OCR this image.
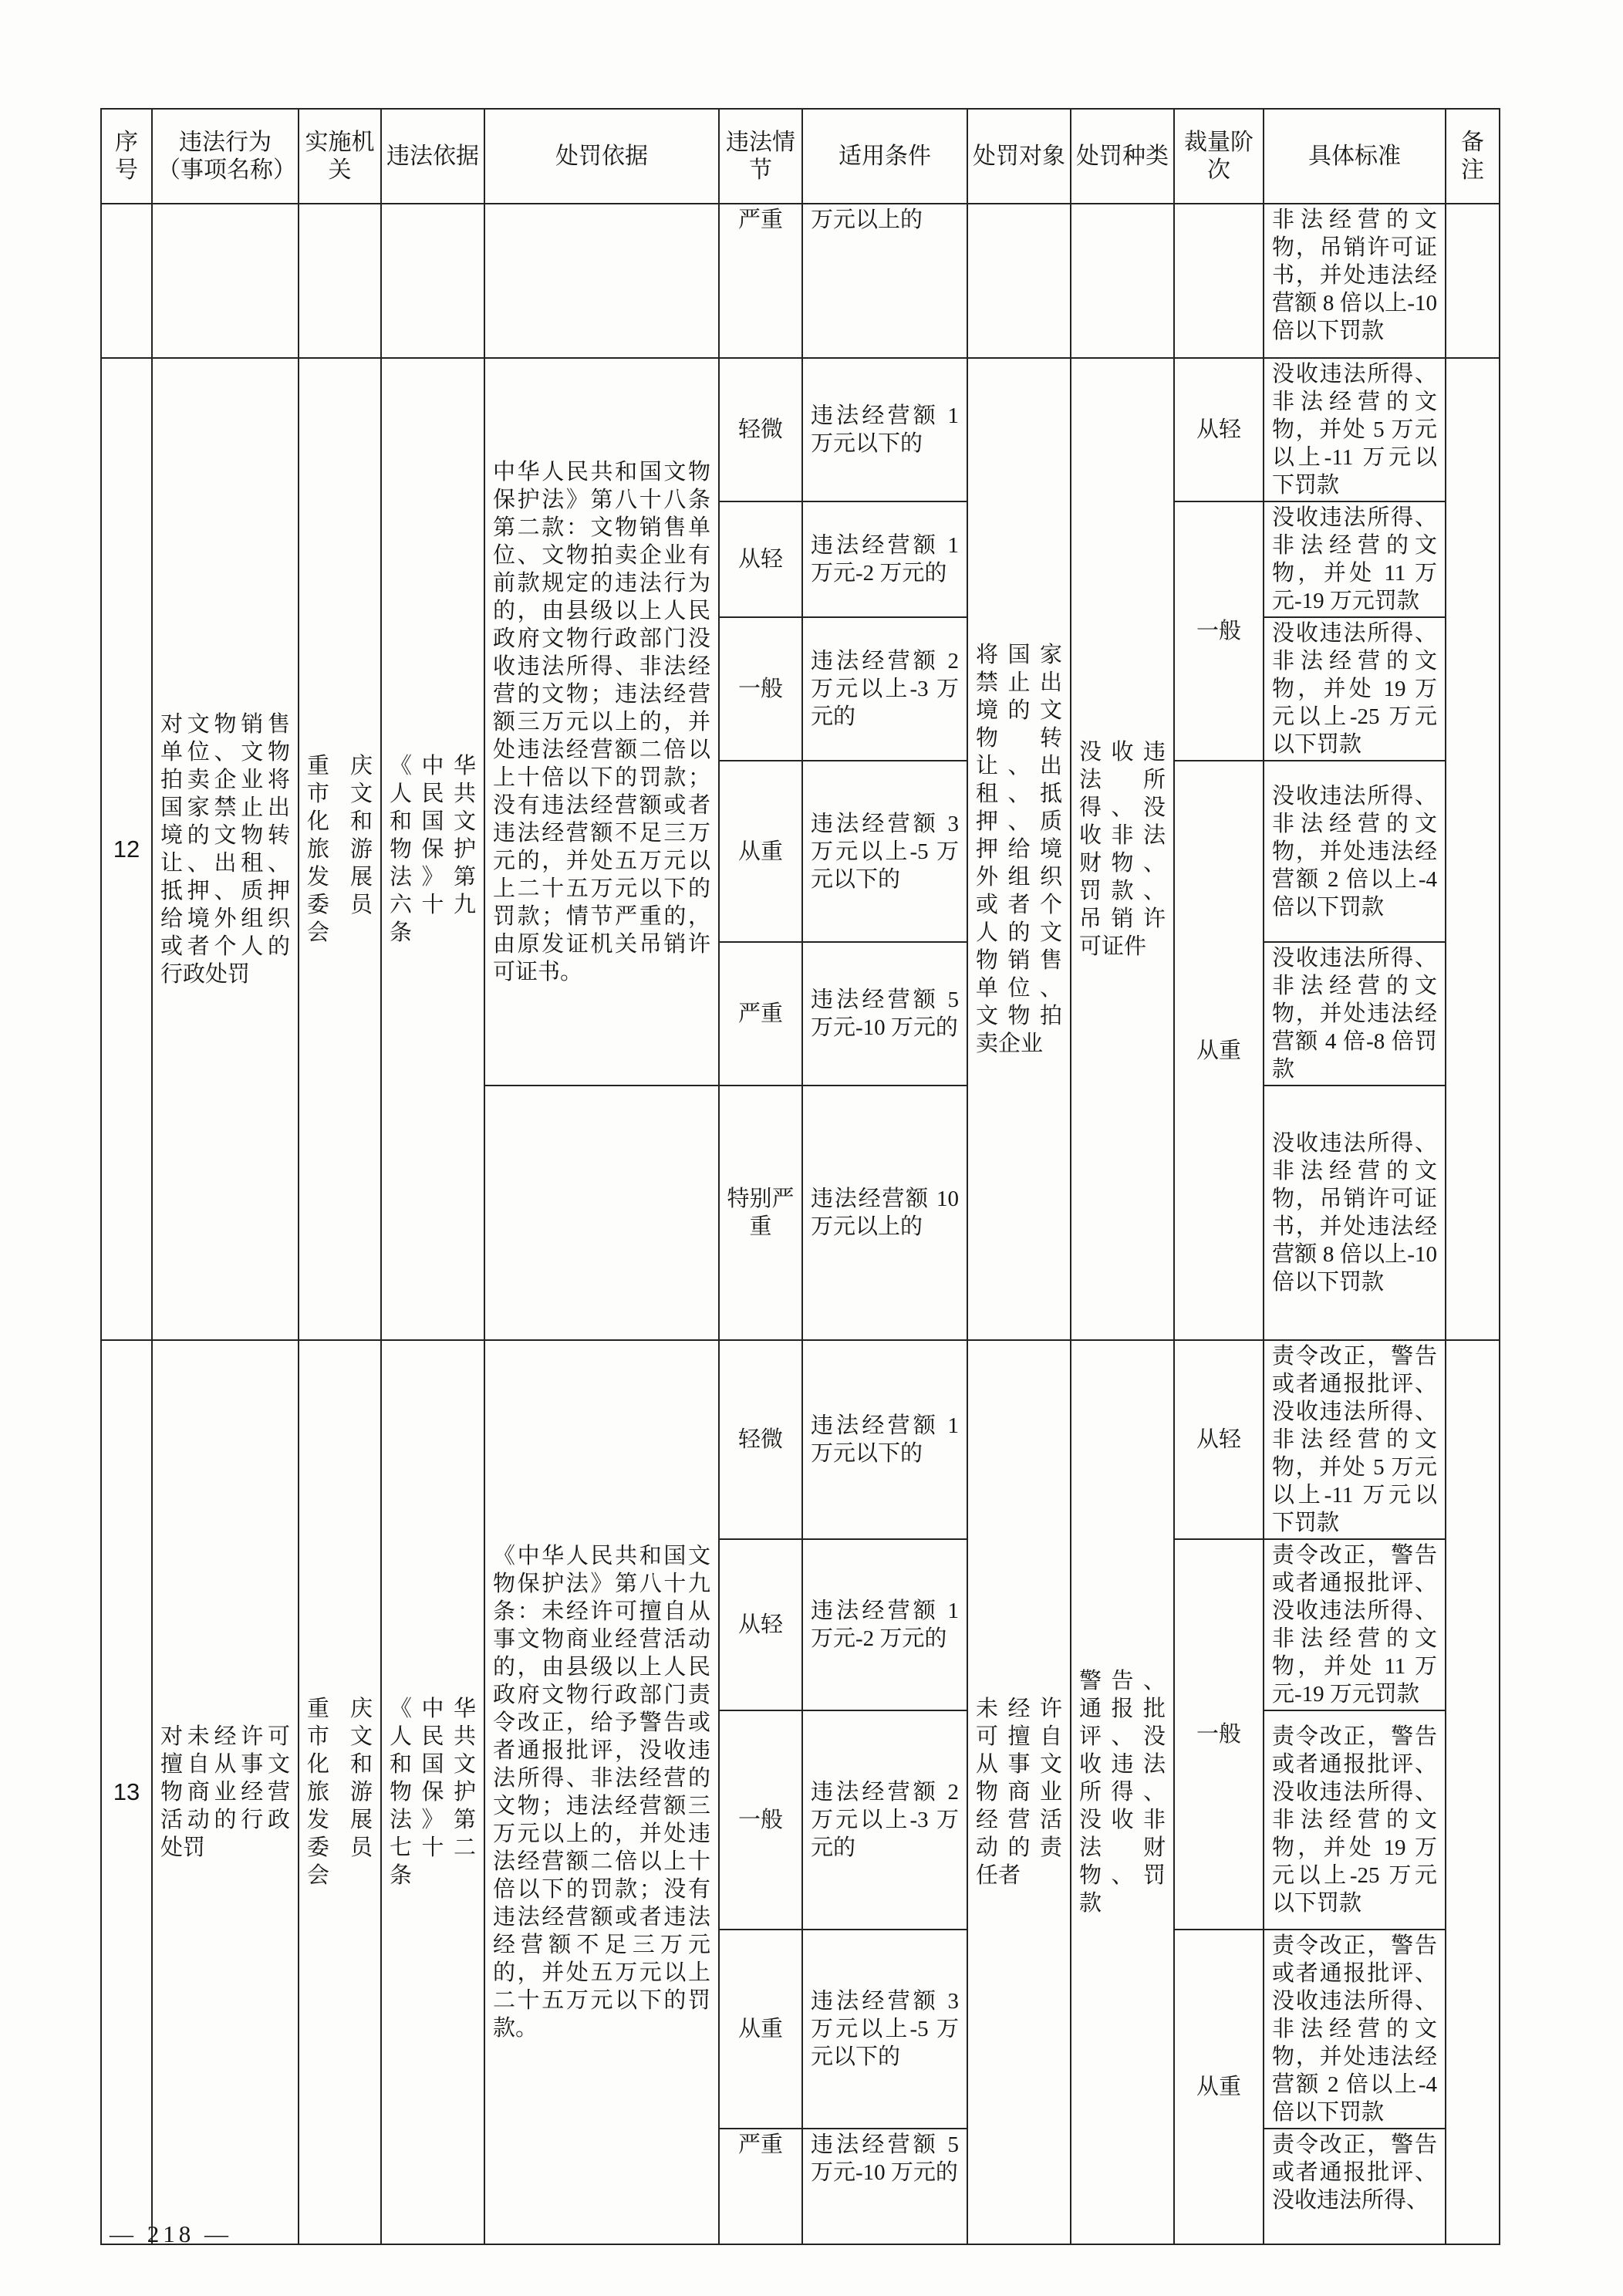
序号	违法行为（事项名称）	实施机关	违法依据	处罚依据	违法情节	适用条件	处罚对象	处罚种类	裁量阶次	具体标准	备注
					严重	万元以上的				非法经营的文物，吊销许可证书，并处违法经营额 8 倍以上-10 倍以下罚款	

12	对文物销售单位、文物拍卖企业将国家禁止出境的文物转让、出租、抵押、质押给境外组织或者个人的行政处罚	重庆市文化和旅游发展委员会	《中华人民共和国文物保护法》第六十九条	中华人民共和国文物保护法》第八十八条第二款：文物销售单位、文物拍卖企业有前款规定的违法行为的，由县级以上人民政府文物行政部门没收违法所得、非法经营的文物；违法经营额三万元以上的，并处违法经营额二倍以上十倍以下的罚款；没有违法经营额或者违法经营额不足三万元的，并处五万元以上二十五万元以下的罚款；情节严重的，由原发证机关吊销许可证书。	轻微	违法经营额 1 万元以下的	将国家禁止出境的文物转让、出租、抵押、质押给境外组织或者个人的文物销售单位、文物拍卖企业	没收违法所得、没收非法财物、罚款、吊销许可证件	从轻	没收违法所得、非法经营的文物，并处 5 万元以上-11 万元以下罚款	
					从轻	违法经营额 1 万元-2 万元的			一般	没收违法所得、非法经营的文物，并处 11 万元-19 万元罚款	
					一般	违法经营额 2 万元以上-3 万元的				没收违法所得、非法经营的文物，并处 19 万元以上-25 万元以下罚款	
					从重	违法经营额 3 万元以上-5 万元以下的			从重	没收违法所得、非法经营的文物，并处违法经营额 2 倍以上-4 倍以下罚款	
					严重	违法经营额 5 万元-10 万元的				没收违法所得、非法经营的文物，并处违法经营额 4 倍-8 倍罚款	
					特别严重	违法经营额 10 万元以上的				没收违法所得、非法经营的文物，吊销许可证书，并处违法经营额 8 倍以上-10 倍以下罚款	
13	对未经许可擅自从事文物商业经营活动的行政处罚	重庆市文化和旅游发展委员会	《中华人民共和国文物保护法》第七十二条	《中华人民共和国文物保护法》第八十九条：未经许可擅自从事文物商业经营活动的，由县级以上人民政府文物行政部门责令改正，给予警告或者通报批评，没收违法所得、非法经营的文物；违法经营额三万元以上的，并处违法经营额二倍以上十倍以下的罚款；没有违法经营额或者违法经营额不足三万元的，并处五万元以上二十五万元以下的罚款。	轻微	违法经营额 1 万元以下的	未经许可擅自从事文物商业经营活动的责任者	警告、通报批评、没收违法所得、没收非法财物、罚款	从轻	责令改正，警告或者通报批评、没收违法所得、非法经营的文物，并处 5 万元以上-11 万元以下罚款	
					从轻	违法经营额 1 万元-2 万元的			一般	责令改正，警告或者通报批评、没收违法所得、非法经营的文物，并处 11 万元-19 万元罚款	
					一般	违法经营额 2 万元以上-3 万元的				责令改正，警告或者通报批评、没收违法所得、非法经营的文物，并处 19 万元以上-25 万元以下罚款	
					从重	违法经营额 3 万元以上-5 万元以下的			从重	责令改正，警告或者通报批评、没收违法所得、非法经营的文物，并处违法经营额 2 倍以上-4 倍以下罚款	
					严重	违法经营额 5 万元-10 万元的				责令改正，警告或者通报批评、没收违法所得、	
— 218 —
